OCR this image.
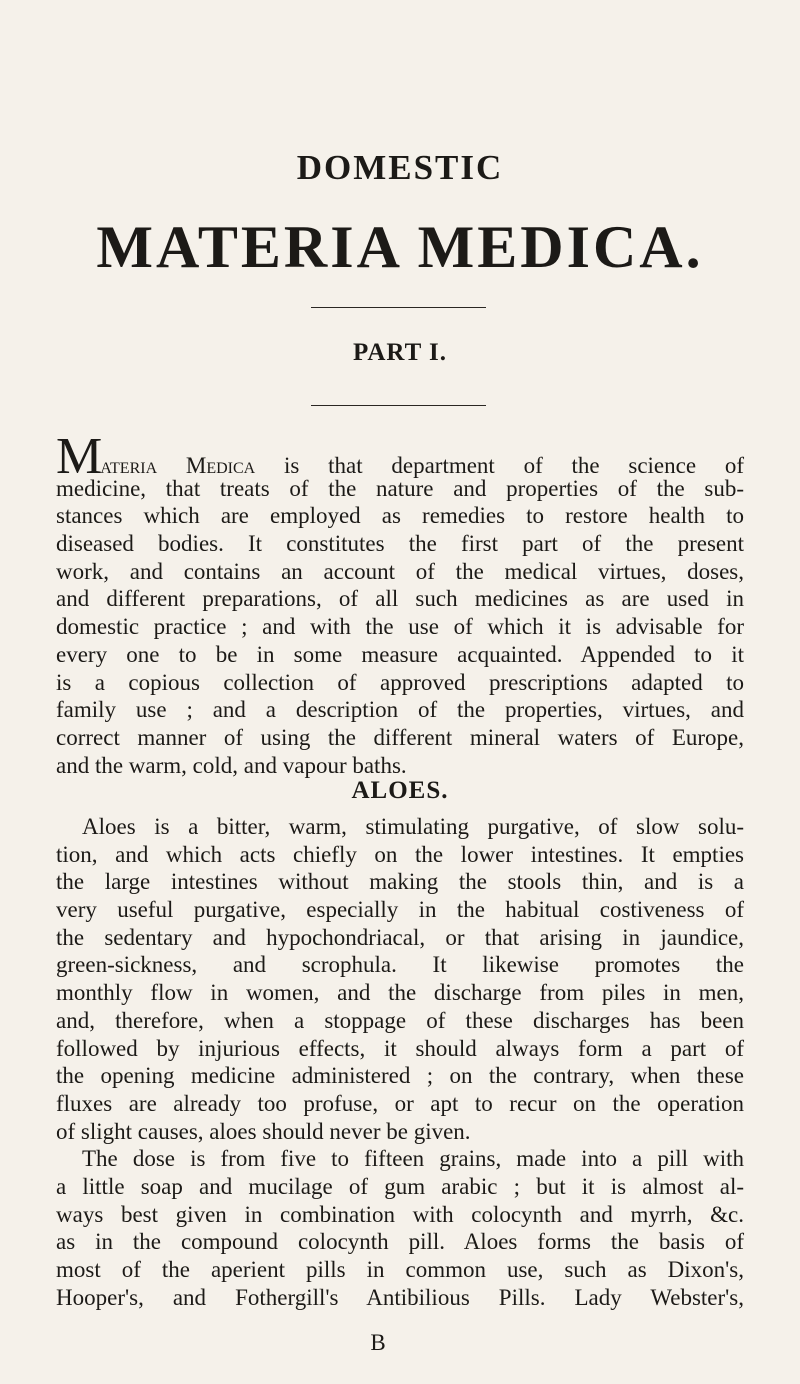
DOMESTIC
MATERIA MEDICA.
PART I.
Materia Medica is that department of the science of
medicine, that treats of the nature and properties of the sub-
stances which are employed as remedies to restore health to
diseased bodies. It constitutes the first part of the present
work, and contains an account of the medical virtues, doses,
and different preparations, of all such medicines as are used in
domestic practice ; and with the use of which it is advisable for
every one to be in some measure acquainted. Appended to it
is a copious collection of approved prescriptions adapted to
family use ; and a description of the properties, virtues, and
correct manner of using the different mineral waters of Europe,
and the warm, cold, and vapour baths.
ALOES.
Aloes is a bitter, warm, stimulating purgative, of slow solu-
tion, and which acts chiefly on the lower intestines. It empties
the large intestines without making the stools thin, and is a
very useful purgative, especially in the habitual costiveness of
the sedentary and hypochondriacal, or that arising in jaundice,
green-sickness, and scrophula. It likewise promotes the
monthly flow in women, and the discharge from piles in men,
and, therefore, when a stoppage of these discharges has been
followed by injurious effects, it should always form a part of
the opening medicine administered ; on the contrary, when these
fluxes are already too profuse, or apt to recur on the operation
of slight causes, aloes should never be given.
The dose is from five to fifteen grains, made into a pill with
a little soap and mucilage of gum arabic ; but it is almost al-
ways best given in combination with colocynth and myrrh, &c.
as in the compound colocynth pill. Aloes forms the basis of
most of the aperient pills in common use, such as Dixon's,
Hooper's, and Fothergill's Antibilious Pills. Lady Webster's,
B
